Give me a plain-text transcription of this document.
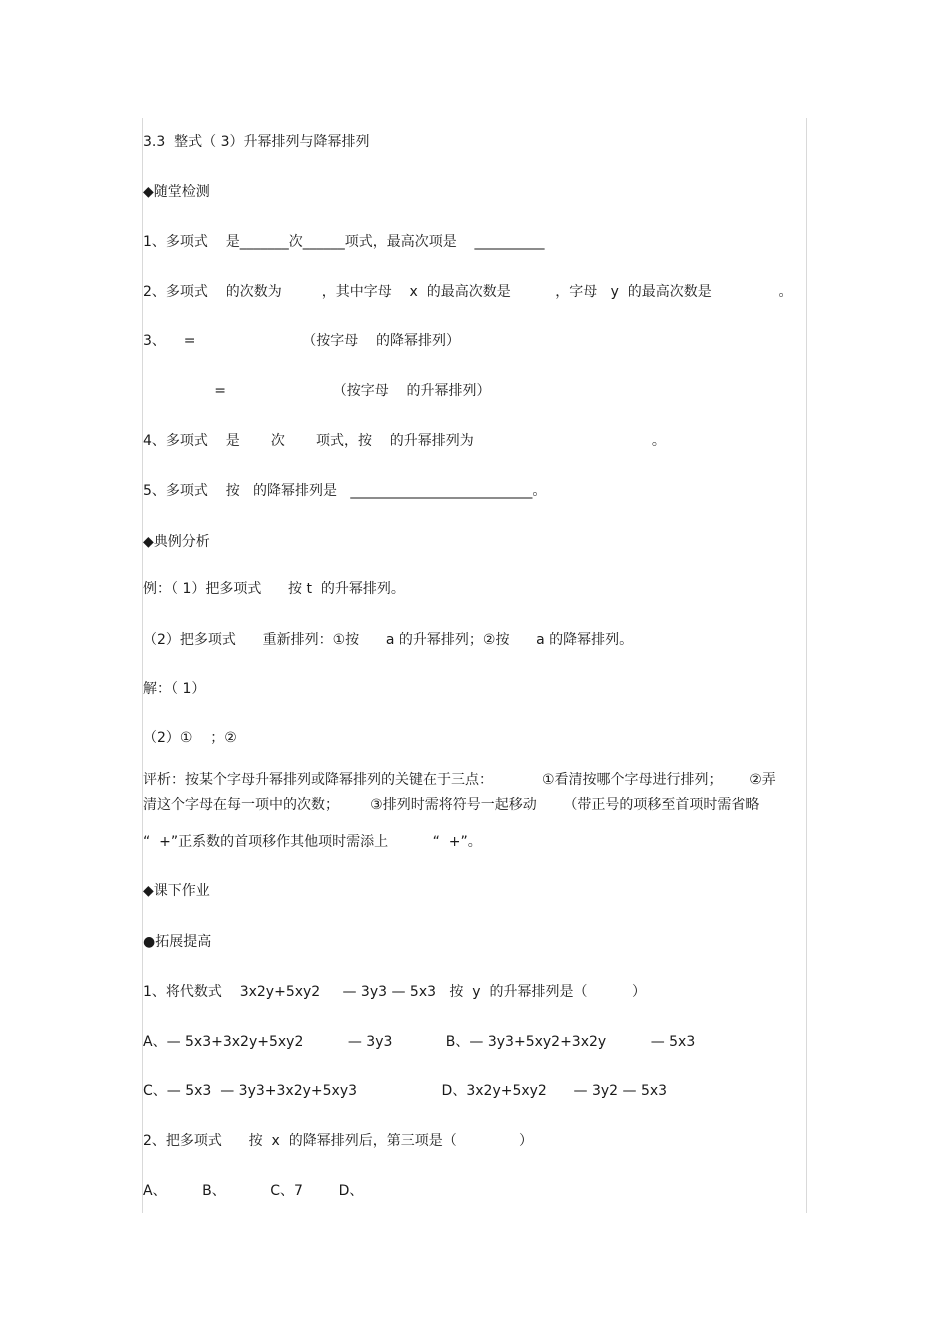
3.3  整式（ 3）升幂排列与降幂排列
◆随堂检测
1、多项式    是_______次______项式，最高次项是    __________
2、多项式    的次数为         ，其中字母    x  的最高次数是          ，字母   y  的最高次数是               。
3、    =                        （按字母    的降幂排列）
=                        （按字母    的升幂排列）
4、多项式    是       次       项式，按    的升幂排列为                                        。
5、多项式    按   的降幂排列是   __________________________。
◆典例分析
例：（ 1）把多项式      按 t  的升幂排列。
（2）把多项式      重新排列：①按      a 的升幂排列；②按      a 的降幂排列。
解：（ 1）
（2）①    ；②
评析：按某个字母升幂排列或降幂排列的关键在于三点：           ①看清按哪个字母进行排列；      ②弄
清这个字母在每一项中的次数；       ③排列时需将符号一起移动      （带正号的项移至首项时需省略
“  +”正系数的首项移作其他项时需添上          “  +”。
◆课下作业
●拓展提高
1、将代数式    3x2y+5xy2     — 3y3 — 5x3   按  y  的升幂排列是（          ）
A、— 5x3+3x2y+5xy2          — 3y3            B、— 3y3+5xy2+3x2y          — 5x3
C、— 5x3  — 3y3+3x2y+5xy3                   D、3x2y+5xy2      — 3y2 — 5x3
2、把多项式      按  x  的降幂排列后，第三项是（              ）
A、        B、          C、7        D、
